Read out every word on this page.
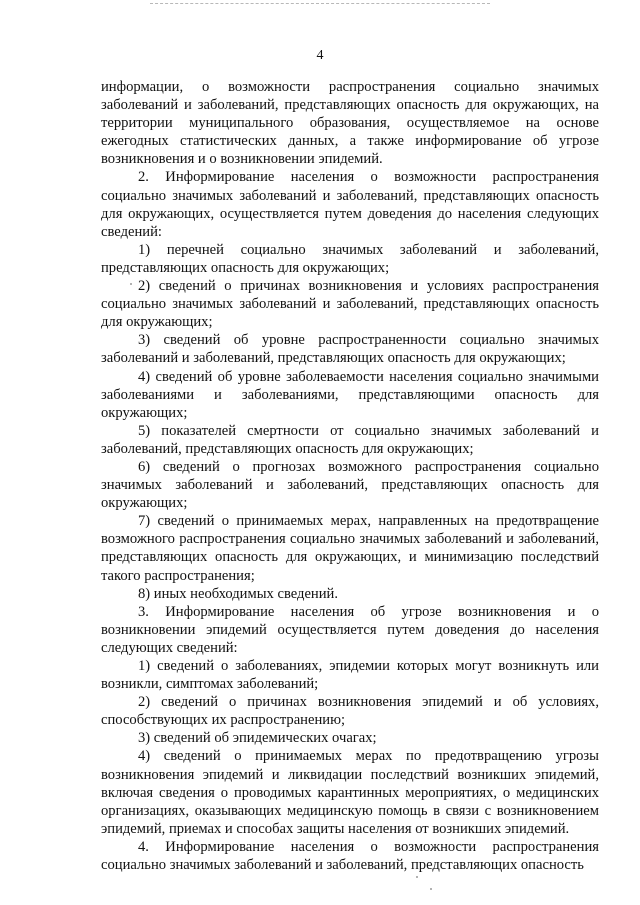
4

информации, о возможности распространения социально значимых заболеваний и заболеваний, представляющих опасность для окружающих, на территории муниципального образования, осуществляемое на основе ежегодных статистических данных, а также информирование об угрозе возникновения и о возникновении эпидемий.

2. Информирование населения о возможности распространения социально значимых заболеваний и заболеваний, представляющих опасность для окружающих, осуществляется путем доведения до населения следующих сведений:

1) перечней социально значимых заболеваний и заболеваний, представляющих опасность для окружающих;

2) сведений о причинах возникновения и условиях распространения социально значимых заболеваний и заболеваний, представляющих опасность для окружающих;

3) сведений об уровне распространенности социально значимых заболеваний и заболеваний, представляющих опасность для окружающих;

4) сведений об уровне заболеваемости населения социально значимыми заболеваниями и заболеваниями, представляющими опасность для окружающих;

5) показателей смертности от социально значимых заболеваний и заболеваний, представляющих опасность для окружающих;

6) сведений о прогнозах возможного распространения социально значимых заболеваний и заболеваний, представляющих опасность для окружающих;

7) сведений о принимаемых мерах, направленных на предотвращение возможного распространения социально значимых заболеваний и заболеваний, представляющих опасность для окружающих, и минимизацию последствий такого распространения;

8) иных необходимых сведений.

3. Информирование населения об угрозе возникновения и о возникновении эпидемий осуществляется путем доведения до населения следующих сведений:

1) сведений о заболеваниях, эпидемии которых могут возникнуть или возникли, симптомах заболеваний;

2) сведений о причинах возникновения эпидемий и об условиях, способствующих их распространению;

3) сведений об эпидемических очагах;

4) сведений о принимаемых мерах по предотвращению угрозы возникновения эпидемий и ликвидации последствий возникших эпидемий, включая сведения о проводимых карантинных мероприятиях, о медицинских организациях, оказывающих медицинскую помощь в связи с возникновением эпидемий, приемах и способах защиты населения от возникших эпидемий.

4. Информирование населения о возможности распространения социально значимых заболеваний и заболеваний, представляющих опасность
